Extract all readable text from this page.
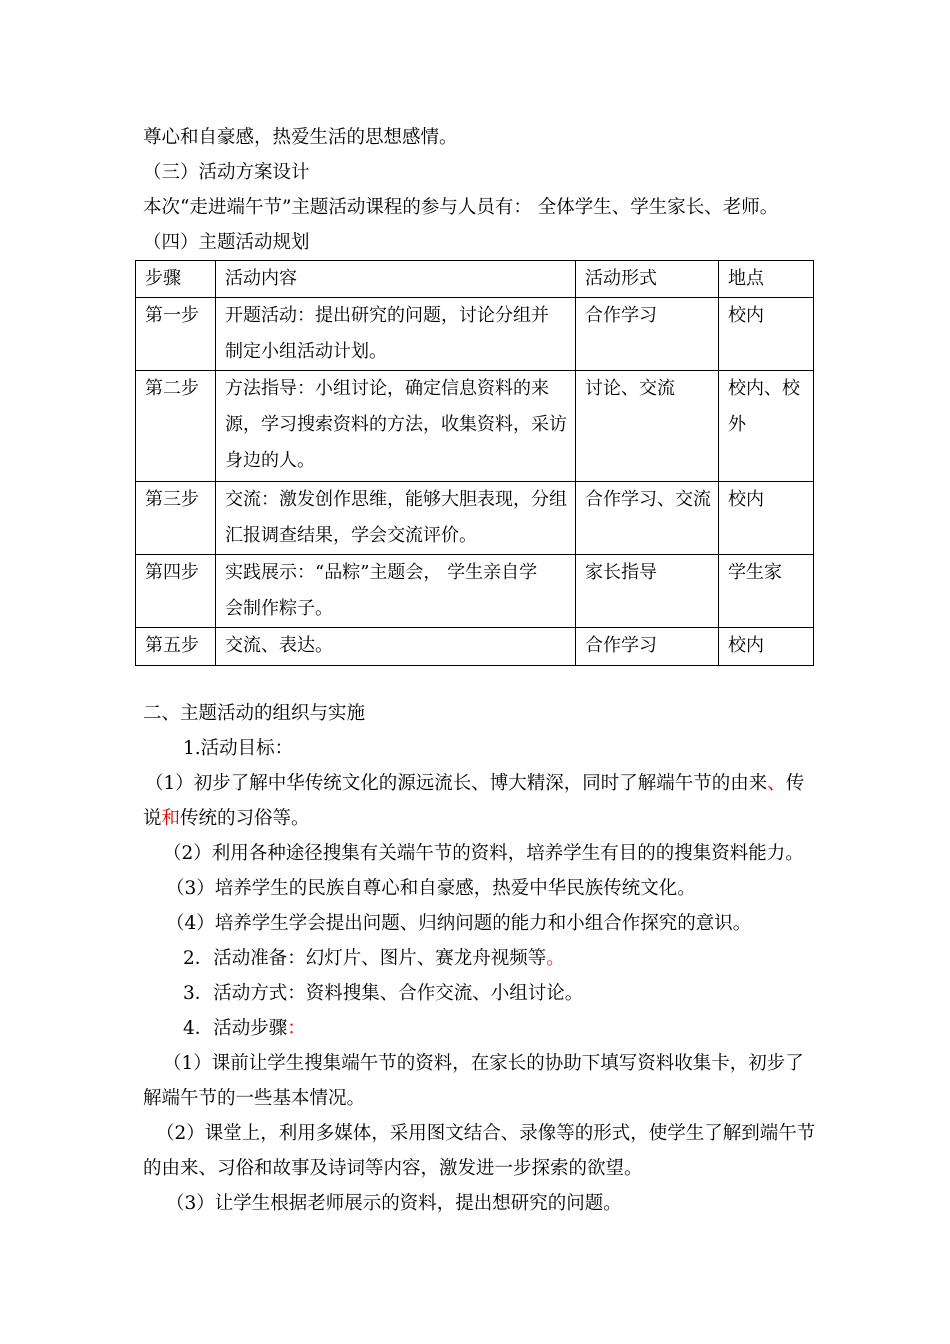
尊心和自豪感，热爱生活的思想感情。
（三）活动方案设计
本次“走进端午节”主题活动课程的参与人员有： 全体学生、学生家长、老师。
（四）主题活动规划
步骤	活动内容	活动形式	地点
第一步	开题活动：提出研究的问题，讨论分组并
制定小组活动计划。	合作学习	校内

第二步	方法指导：小组讨论，确定信息资料的来
源，学习搜索资料的方法，收集资料，采访
身边的人。	讨论、交流	校内、校
外

第三步	交流：激发创作思维，能够大胆表现，分组
汇报调查结果，学会交流评价。	合作学习、交流	校内

第四步	实践展示：“品粽”主题会， 学生亲自学
会制作粽子。	家长指导	学生家

第五步	交流、表达。	合作学习	校内
二、主题活动的组织与实施
1.活动目标：
（1）初步了解中华传统文化的源远流长、博大精深，同时了解端午节的由来、传
说和传统的习俗等。
（2）利用各种途径搜集有关端午节的资料，培养学生有目的的搜集资料能力。
（3）培养学生的民族自尊心和自豪感，热爱中华民族传统文化。
（4）培养学生学会提出问题、归纳问题的能力和小组合作探究的意识。
2．活动准备：幻灯片、图片、赛龙舟视频等。
3．活动方式：资料搜集、合作交流、小组讨论。
4．活动步骤：
（1）课前让学生搜集端午节的资料，在家长的协助下填写资料收集卡，初步了
解端午节的一些基本情况。
（2）课堂上，利用多媒体，采用图文结合、录像等的形式，使学生了解到端午节
的由来、习俗和故事及诗词等内容，激发进一步探索的欲望。
（3）让学生根据老师展示的资料，提出想研究的问题。
